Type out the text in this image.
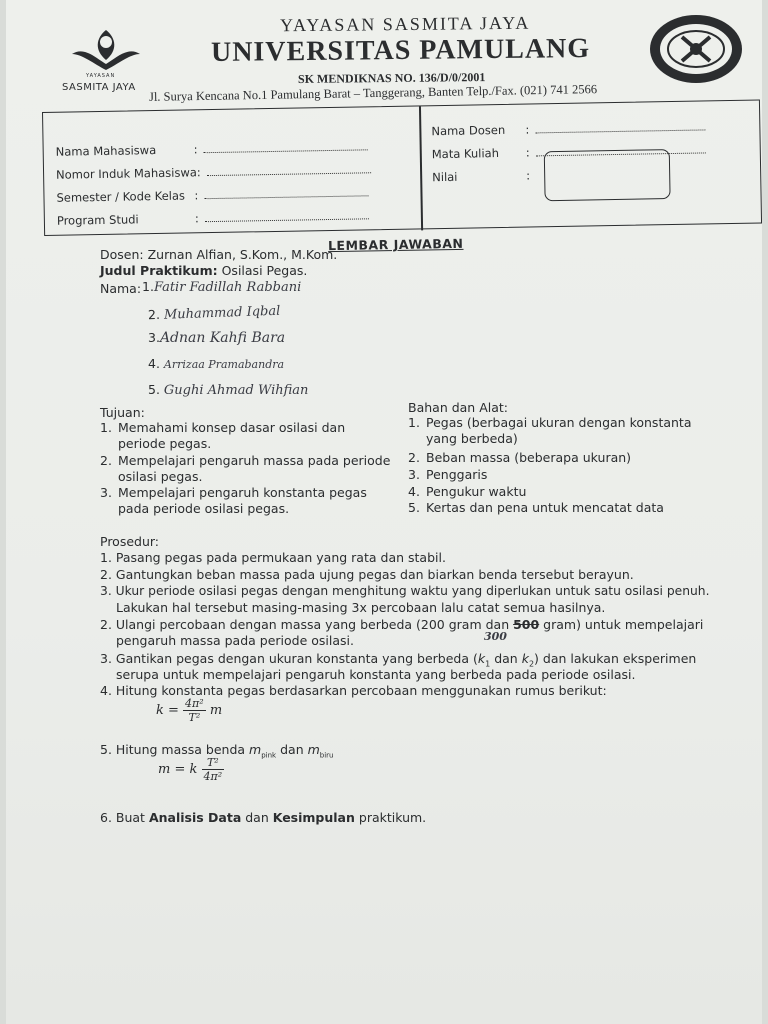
YAYASAN
SASMITA JAYA
YAYASAN SASMITA JAYA
UNIVERSITAS PAMULANG
SK MENDIKNAS NO. 136/D/0/2001
Jl. Surya Kencana No.1 Pamulang Barat – Tanggerang, Banten Telp./Fax. (021) 741 2566
Nama Mahasiswa	:
Nomor Induk Mahasiswa:
Semester / Kode Kelas :
Program Studi	:
Nama Dosen :
Mata Kuliah :
Nilai	:
Dosen: Zurnan Alfian, S.Kom., M.Kom.
LEMBAR JAWABAN
Judul Praktikum: Osilasi Pegas.
Nama: 1.Fatir Fadillah Rabbani
2. Muhammad Iqbal
3.Adnan Kahfi Bara
4. Arrizaa Pramabandra
5. Gughi Ahmad Wihfian
Tujuan:
1. Memahami konsep dasar osilasi dan
periode pegas.
2. Mempelajari pengaruh massa pada periode
osilasi pegas.
3. Mempelajari pengaruh konstanta pegas
pada periode osilasi pegas.
Bahan dan Alat:
1. Pegas (berbagai ukuran dengan konstanta
yang berbeda)
2. Beban massa (beberapa ukuran)
3. Penggaris
4. Pengukur waktu
5. Kertas dan pena untuk mencatat data
Prosedur:
1. Pasang pegas pada permukaan yang rata dan stabil.
2. Gantungkan beban massa pada ujung pegas dan biarkan benda tersebut berayun.
3. Ukur periode osilasi pegas dengan menghitung waktu yang diperlukan untuk satu osilasi penuh.
Lakukan hal tersebut masing-masing 3x percobaan lalu catat semua hasilnya.
2. Ulangi percobaan dengan massa yang berbeda (200 gram dan 500 gram) untuk mempelajari
300
pengaruh massa pada periode osilasi.
3. Gantikan pegas dengan ukuran konstanta yang berbeda ($k_1$ dan $k_2$) dan lakukan eksperimen
serupa untuk mempelajari pengaruh konstanta yang berbeda pada periode osilasi.
4. Hitung konstanta pegas berdasarkan percobaan menggunakan rumus berikut:
$k = \frac{\text{4π²}}{\text{T²}}$ m
5. Hitung massa benda $m_{pink}$ dan $m_{biru}$
m = k $\frac{\text{T²}}{\text{4π²}}$
6. Buat Analisis Data dan Kesimpulan praktikum.
